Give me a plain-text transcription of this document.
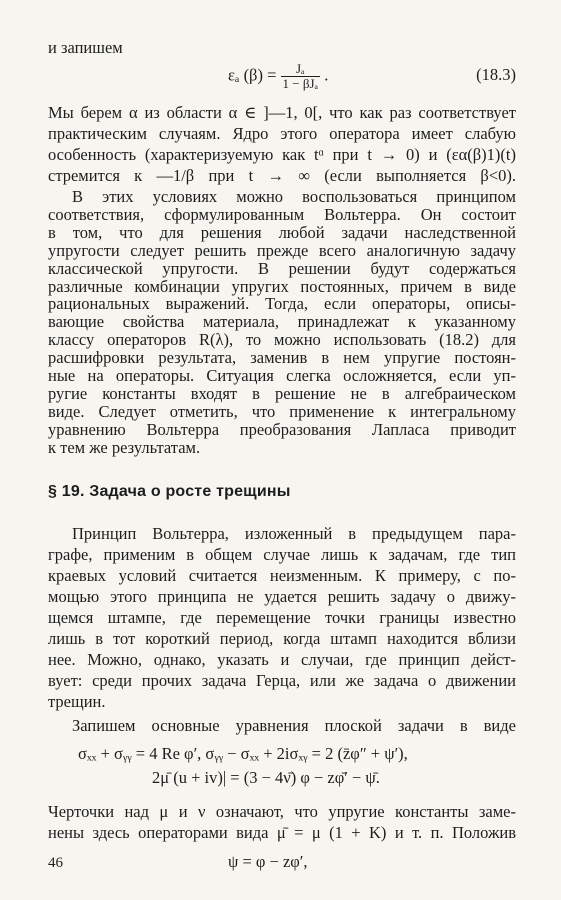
и запишем
εₐ $(\beta) = \frac{\text{Jₐ}}{\text{1 − βJₐ}}$ .	(18.3)
Мы берем α из области α ∈ ]—1, 0[, что как раз соответствует
практическим случаям. Ядро этого оператора имеет слабую
особенность (характеризуемую как tᵅ при t → 0) и (εα(β)1)(t)
стремится к —1/β при t → ∞ (если выполняется β<0).
В этих условиях можно воспользоваться принципом
соответствия, сформулированным Вольтерра. Он состоит
в том, что для решения любой задачи наследственной
упругости следует решить прежде всего аналогичную задачу
классической упругости. В решении будут содержаться
различные комбинации упругих постоянных, причем в виде
рациональных выражений. Тогда, если операторы, описы-
вающие свойства материала, принадлежат к указанному
классу операторов R(λ), то можно использовать (18.2) для
расшифровки результата, заменив в нем упругие постоян-
ные на операторы. Ситуация слегка осложняется, если уп-
ругие константы входят в решение не в алгебраическом
виде. Следует отметить, что применение к интегральному
уравнению Вольтерра преобразования Лапласа приводит
§ 19. Задача о росте трещины
Принцип Вольтерра, изложенный в предыдущем пара-
графе, применим в общем случае лишь к задачам, где тип
краевых условий считается неизменным. К примеру, с по-
мощью этого принципа не удается решить задачу о движу-
щемся штампе, где перемещение точки границы известно
лишь в тот короткий период, когда штамп находится вблизи
нее. Можно, однако, указать и случаи, где принцип дейст-
вует: среди прочих задача Герца, или же задача о движении
трещин.
Запишем основные уравнения плоской задачи в виде
σₓₓ + σᵧᵧ = 4 Re φ′, σᵧᵧ − σₓₓ + 2iσₓᵧ = 2 (z̄φ″ + ψ′),
2μ̄ (u + iv)| = (3 − 4ν̄) φ − zφ̄′ − ψ̄.
Черточки над μ и ν означают, что упругие константы заме-
нены здесь операторами вида μ̄ = μ (1 + K) и т. п. Положив
ψ = φ − zφ′,
46
к тем же результатам.
